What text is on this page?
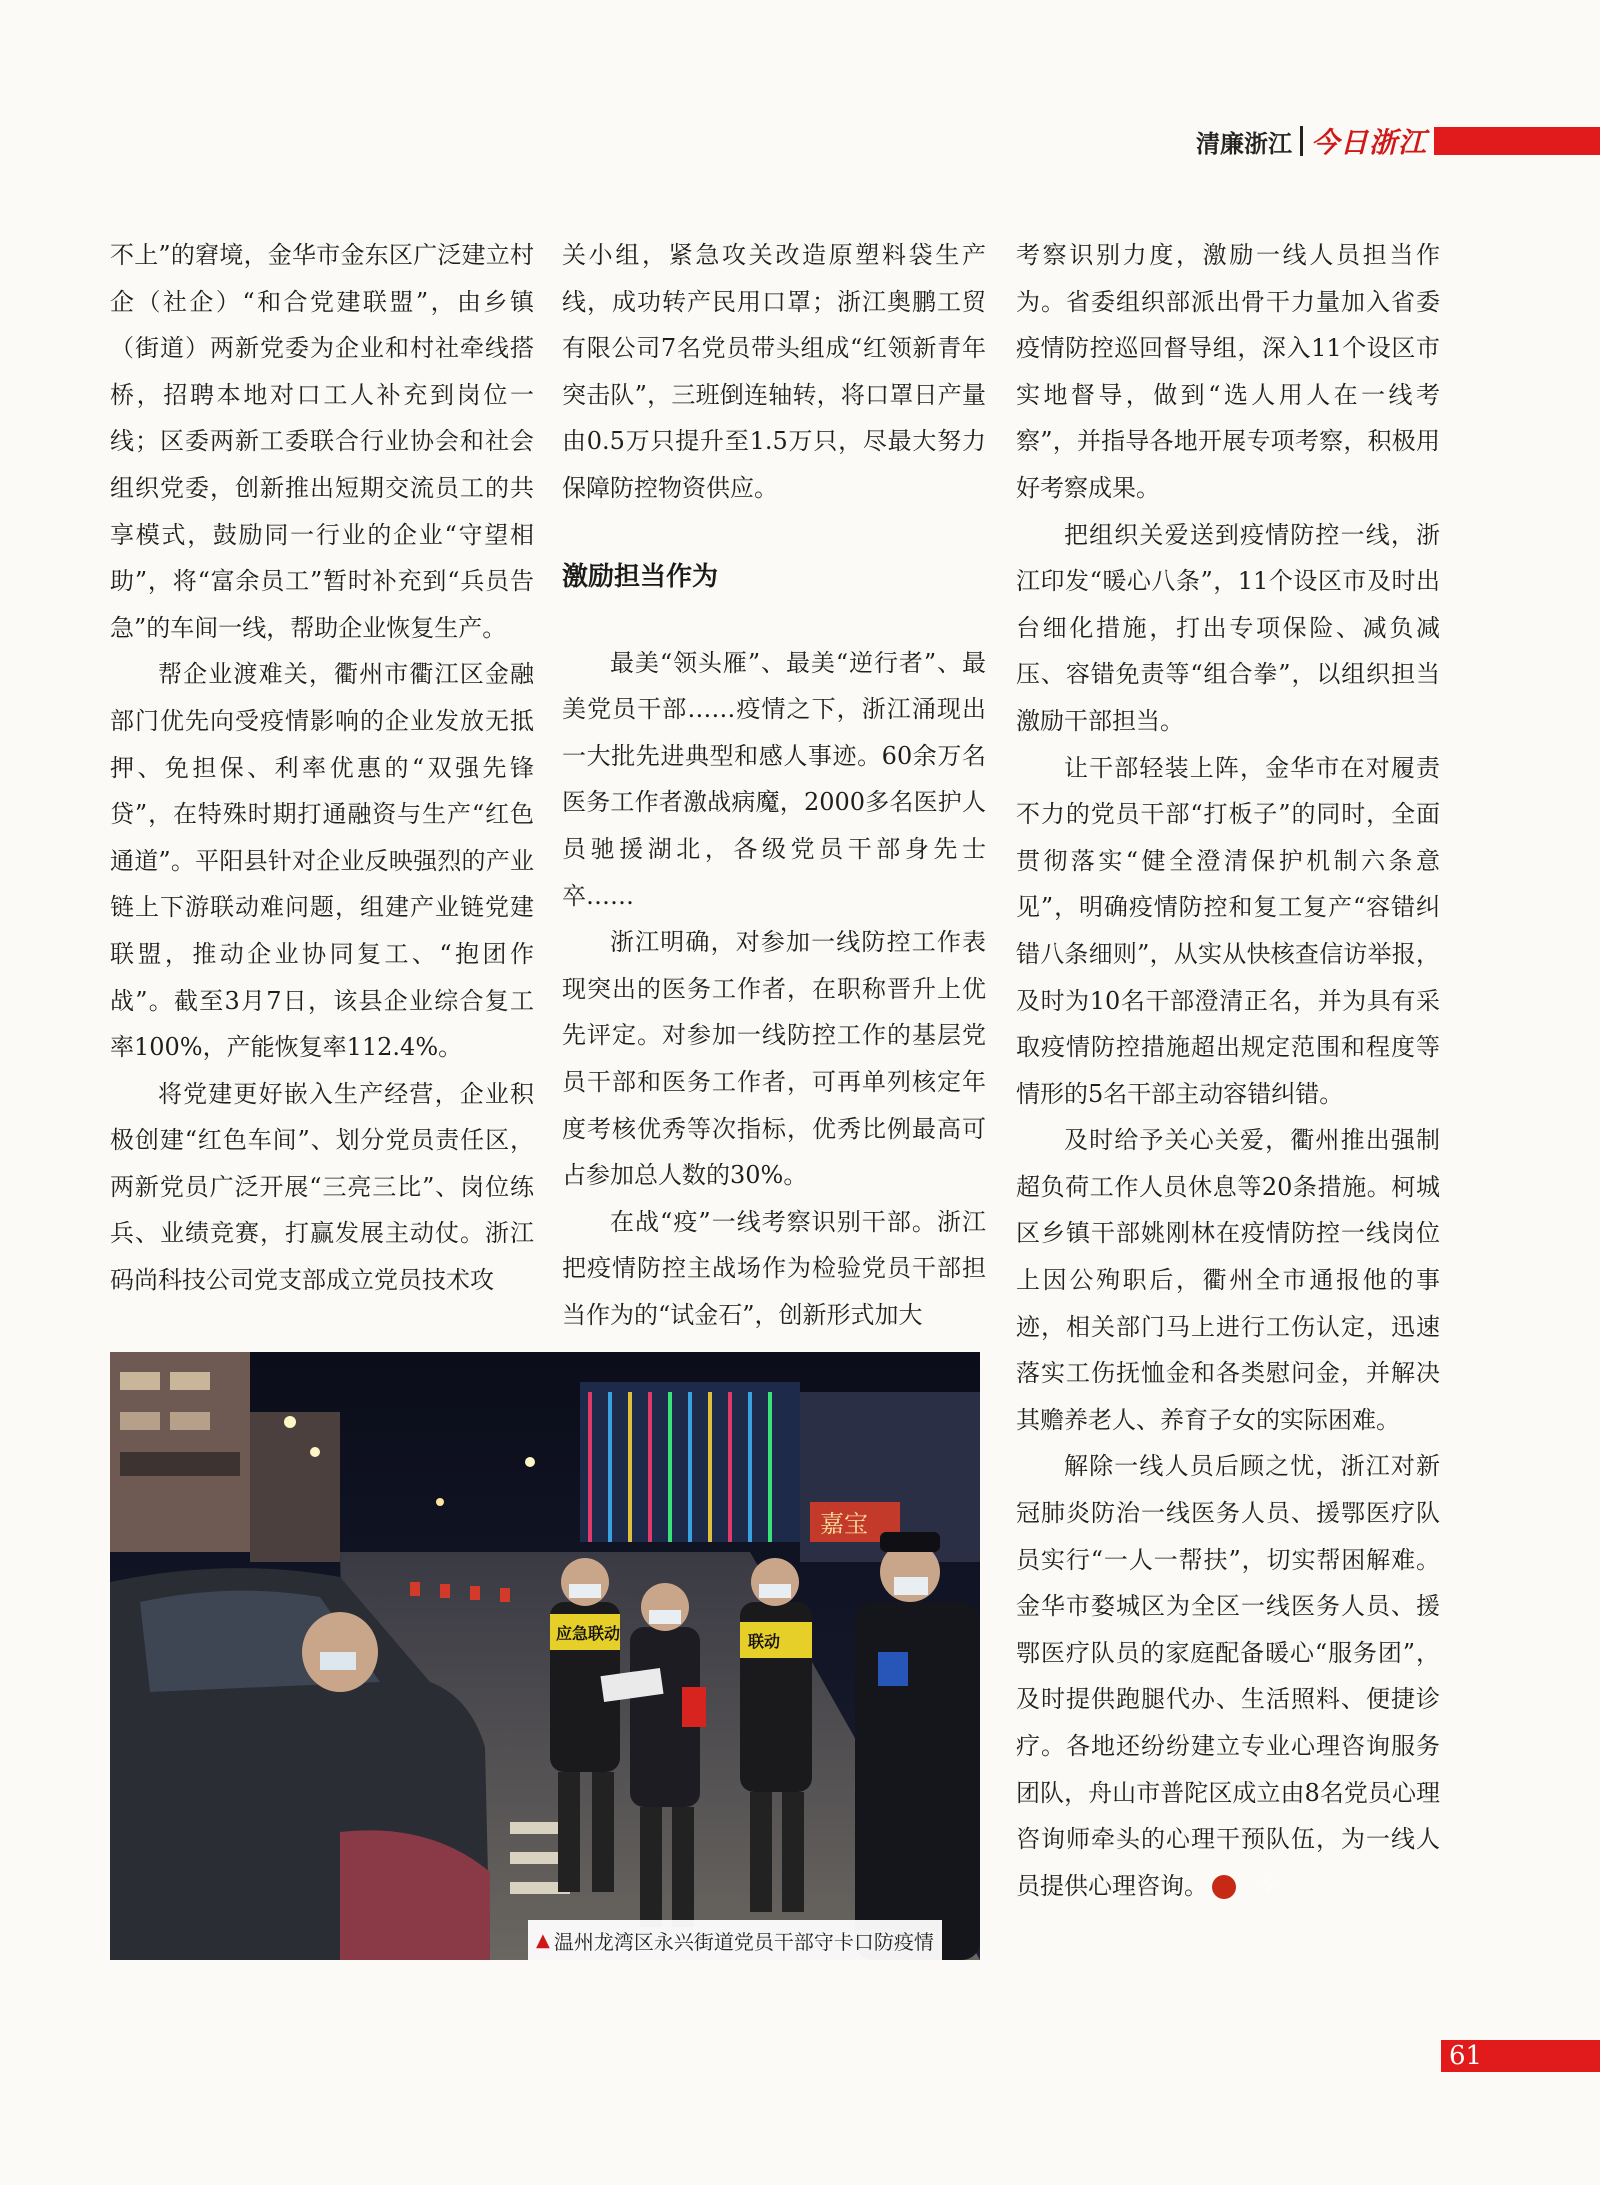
清廉浙江 今日浙江

不上”的窘境，金华市金东区广泛建立村企（社企）“和合党建联盟”，由乡镇（街道）两新党委为企业和村社牵线搭桥，招聘本地对口工人补充到岗位一线；区委两新工委联合行业协会和社会组织党委，创新推出短期交流员工的共享模式，鼓励同一行业的企业“守望相助”，将“富余员工”暂时补充到“兵员告急”的车间一线，帮助企业恢复生产。

帮企业渡难关，衢州市衢江区金融部门优先向受疫情影响的企业发放无抵押、免担保、利率优惠的“双强先锋贷”，在特殊时期打通融资与生产“红色通道”。平阳县针对企业反映强烈的产业链上下游联动难问题，组建产业链党建联盟，推动企业协同复工、“抱团作战”。截至3月7日，该县企业综合复工率100%，产能恢复率112.4%。

将党建更好嵌入生产经营，企业积极创建“红色车间”、划分党员责任区，两新党员广泛开展“三亮三比”、岗位练兵、业绩竞赛，打赢发展主动仗。浙江码尚科技公司党支部成立党员技术攻

关小组，紧急攻关改造原塑料袋生产线，成功转产民用口罩；浙江奥鹏工贸有限公司7名党员带头组成“红领新青年突击队”，三班倒连轴转，将口罩日产量由0.5万只提升至1.5万只，尽最大努力保障防控物资供应。

激励担当作为

最美“领头雁”、最美“逆行者”、最美党员干部……疫情之下，浙江涌现出一大批先进典型和感人事迹。60余万名医务工作者激战病魔，2000多名医护人员驰援湖北，各级党员干部身先士卒……

浙江明确，对参加一线防控工作表现突出的医务工作者，在职称晋升上优先评定。对参加一线防控工作的基层党员干部和医务工作者，可再单列核定年度考核优秀等次指标，优秀比例最高可占参加总人数的30%。

在战“疫”一线考察识别干部。浙江把疫情防控主战场作为检验党员干部担当作为的“试金石”，创新形式加大

考察识别力度，激励一线人员担当作为。省委组织部派出骨干力量加入省委疫情防控巡回督导组，深入11个设区市实地督导，做到“选人用人在一线考察”，并指导各地开展专项考察，积极用好考察成果。

把组织关爱送到疫情防控一线，浙江印发“暖心八条”，11个设区市及时出台细化措施，打出专项保险、减负减压、容错免责等“组合拳”，以组织担当激励干部担当。

让干部轻装上阵，金华市在对履责不力的党员干部“打板子”的同时，全面贯彻落实“健全澄清保护机制六条意见”，明确疫情防控和复工复产“容错纠错八条细则”，从实从快核查信访举报，及时为10名干部澄清正名，并为具有采取疫情防控措施超出规定范围和程度等情形的5名干部主动容错纠错。

及时给予关心关爱，衢州推出强制超负荷工作人员休息等20条措施。柯城区乡镇干部姚刚林在疫情防控一线岗位上因公殉职后，衢州全市通报他的事迹，相关部门马上进行工伤认定，迅速落实工伤抚恤金和各类慰问金，并解决其赡养老人、养育子女的实际困难。

解除一线人员后顾之忧，浙江对新冠肺炎防治一线医务人员、援鄂医疗队员实行“一人一帮扶”，切实帮困解难。金华市婺城区为全区一线医务人员、援鄂医疗队员的家庭配备暖心“服务团”，及时提供跑腿代办、生活照料、便捷诊疗。各地还纷纷建立专业心理咨询服务团队，舟山市普陀区成立由8名党员心理咨询师牵头的心理干预队伍，为一线人员提供心理咨询。	今

嘉宝
应急联动	联动
▲ 温州龙湾区永兴街道党员干部守卡口防疫情
61
